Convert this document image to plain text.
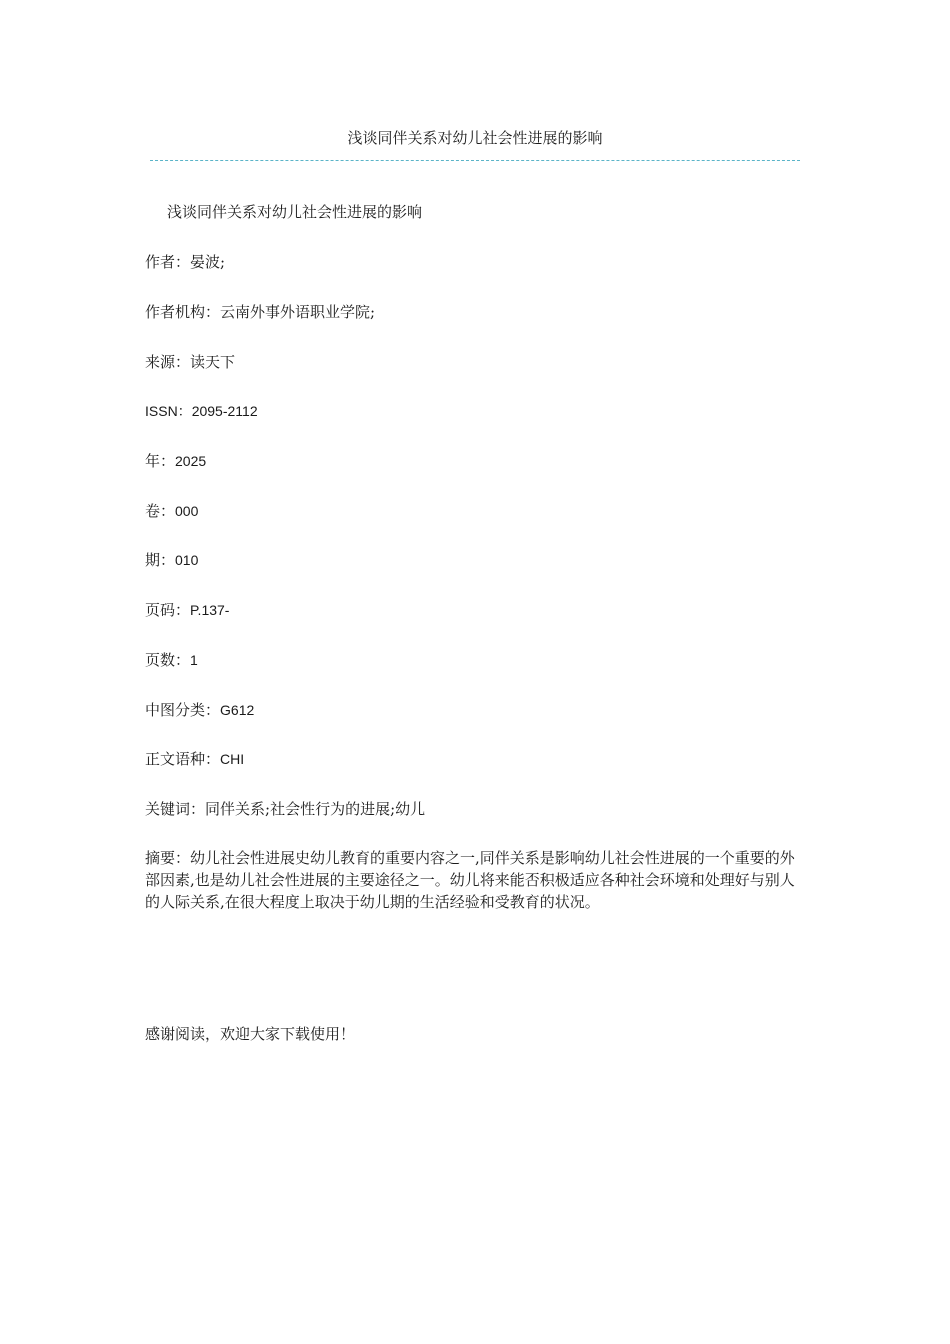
浅谈同伴关系对幼儿社会性进展的影响
浅谈同伴关系对幼儿社会性进展的影响
作者：晏波;
作者机构：云南外事外语职业学院;
来源：读天下
ISSN：2095-2112
年：2025
卷：000
期：010
页码：P.137-
页数：1
中图分类：G612
正文语种：CHI
关键词：同伴关系;社会性行为的进展;幼儿
摘要：幼儿社会性进展史幼儿教育的重要内容之一,同伴关系是影响幼儿社会性进展的一个重要的外部因素,也是幼儿社会性进展的主要途径之一。幼儿将来能否积极适应各种社会环境和处理好与别人的人际关系,在很大程度上取决于幼儿期的生活经验和受教育的状况。
感谢阅读，欢迎大家下载使用！
